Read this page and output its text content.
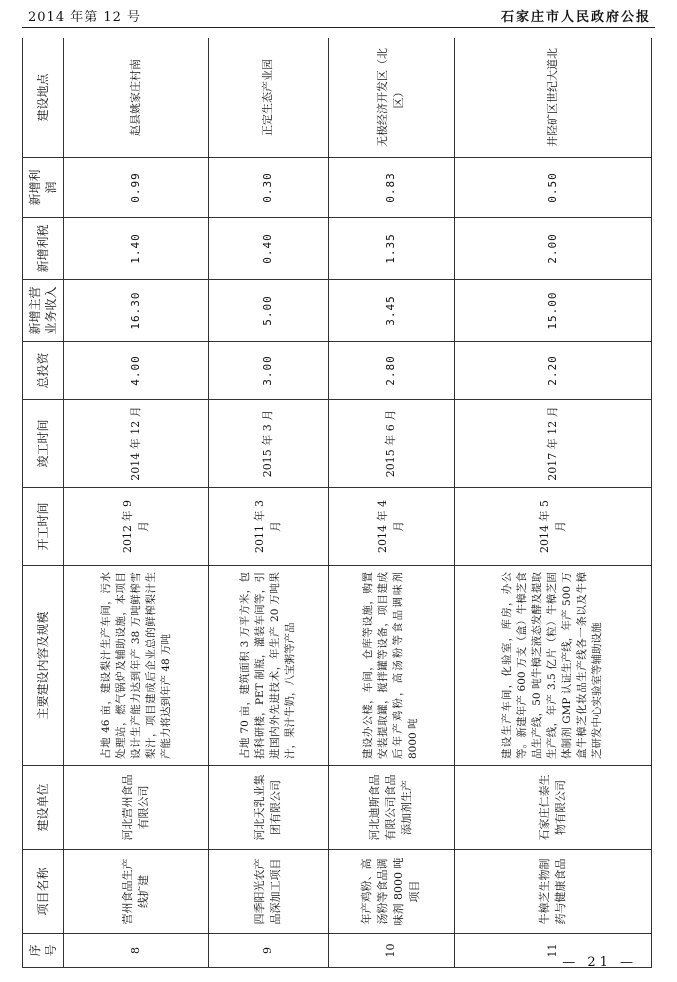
2014 年第 12 号	石家庄市人民政府公报
序号	项目名称	建设单位	主要建设内容及规模	开工时间	竣工时间	总投资	新增主营业务收入	新增利税	新增利润	建设地点
8	营州食品生产线扩建	河北营州食品有限公司	占地 46 亩，建设梨汁生产车间，污水处理站，燃气锅炉及辅助设施，本项目设计生产能力达到年产 38 万吨鲜榨雪梨汁，项目建成后企业总的鲜榨梨汁生产能力将达到年产 48 万吨	2012 年 9 月	2014 年 12 月	4.00	16.30	1.40	0.99	赵县姚家庄村南
9	四季阳光农产品深加工项目	河北天乳业集团有限公司	占地 70 亩，建筑面积 3 万平方米，包括科研楼，PET 制瓶，灌装车间等，引进国内外先进技术，年生产 20 万吨果汁，果汁牛奶，八宝粥等产品	2011 年 3 月	2015 年 3 月	3.00	5.00	0.40	0.30	正定生态产业园
10	年产鸡粉、高汤粉等食品调味剂 8000 吨项目	河北迪斯食品有限公司食品添加剂生产	建设办公楼，车间，仓库等设施，购置安装提取罐，搅拌罐等设备，项目建成后年产鸡粉，高汤粉等食品调味剂 8000 吨	2014 年 4 月	2015 年 6 月	2.80	3.45	1.35	0.83	无极经济开发区（北区）
11	牛樟芝生物制药与健康食品	石家庄仁泰生物有限公司	建设生产车间，化验室，库房，办公等。新建年产 600 万支（盒）牛樟芝食品生产线，50 吨牛樟芝液态发酵及提取生产线，年产 3.5 亿片（粒）牛樟芝固体制剂 GMP 认证生产线，年产 500 万盒牛樟芝化妆品生产线各一条以及牛樟芝研发中心实验室等辅助设施	2014 年 5 月	2017 年 12 月	2.20	15.00	2.00	0.50	井陉矿区世纪大道北
— 21 —
